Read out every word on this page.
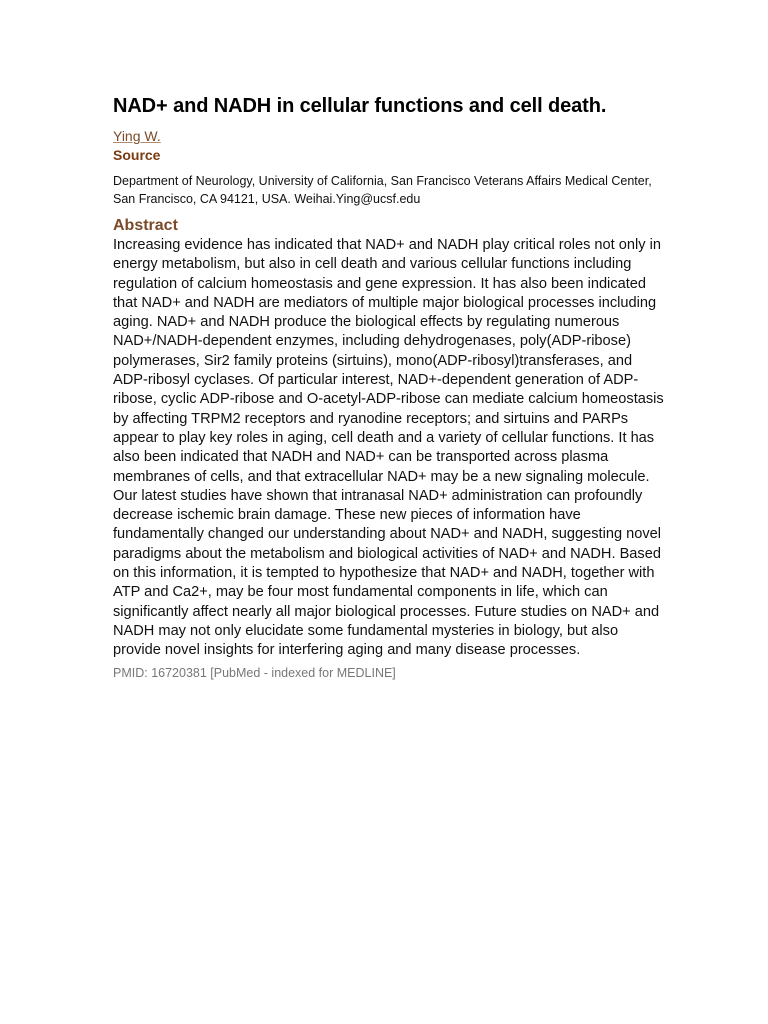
NAD+ and NADH in cellular functions and cell death.
Ying W.
Source
Department of Neurology, University of California, San Francisco Veterans Affairs Medical Center, San Francisco, CA 94121, USA. Weihai.Ying@ucsf.edu
Abstract
Increasing evidence has indicated that NAD+ and NADH play critical roles not only in energy metabolism, but also in cell death and various cellular functions including regulation of calcium homeostasis and gene expression. It has also been indicated that NAD+ and NADH are mediators of multiple major biological processes including aging. NAD+ and NADH produce the biological effects by regulating numerous NAD+/NADH-dependent enzymes, including dehydrogenases, poly(ADP-ribose) polymerases, Sir2 family proteins (sirtuins), mono(ADP-ribosyl)transferases, and ADP-ribosyl cyclases. Of particular interest, NAD+-dependent generation of ADP-ribose, cyclic ADP-ribose and O-acetyl-ADP-ribose can mediate calcium homeostasis by affecting TRPM2 receptors and ryanodine receptors; and sirtuins and PARPs appear to play key roles in aging, cell death and a variety of cellular functions. It has also been indicated that NADH and NAD+ can be transported across plasma membranes of cells, and that extracellular NAD+ may be a new signaling molecule. Our latest studies have shown that intranasal NAD+ administration can profoundly decrease ischemic brain damage. These new pieces of information have fundamentally changed our understanding about NAD+ and NADH, suggesting novel paradigms about the metabolism and biological activities of NAD+ and NADH. Based on this information, it is tempted to hypothesize that NAD+ and NADH, together with ATP and Ca2+, may be four most fundamental components in life, which can significantly affect nearly all major biological processes. Future studies on NAD+ and NADH may not only elucidate some fundamental mysteries in biology, but also provide novel insights for interfering aging and many disease processes.
PMID: 16720381 [PubMed - indexed for MEDLINE]
